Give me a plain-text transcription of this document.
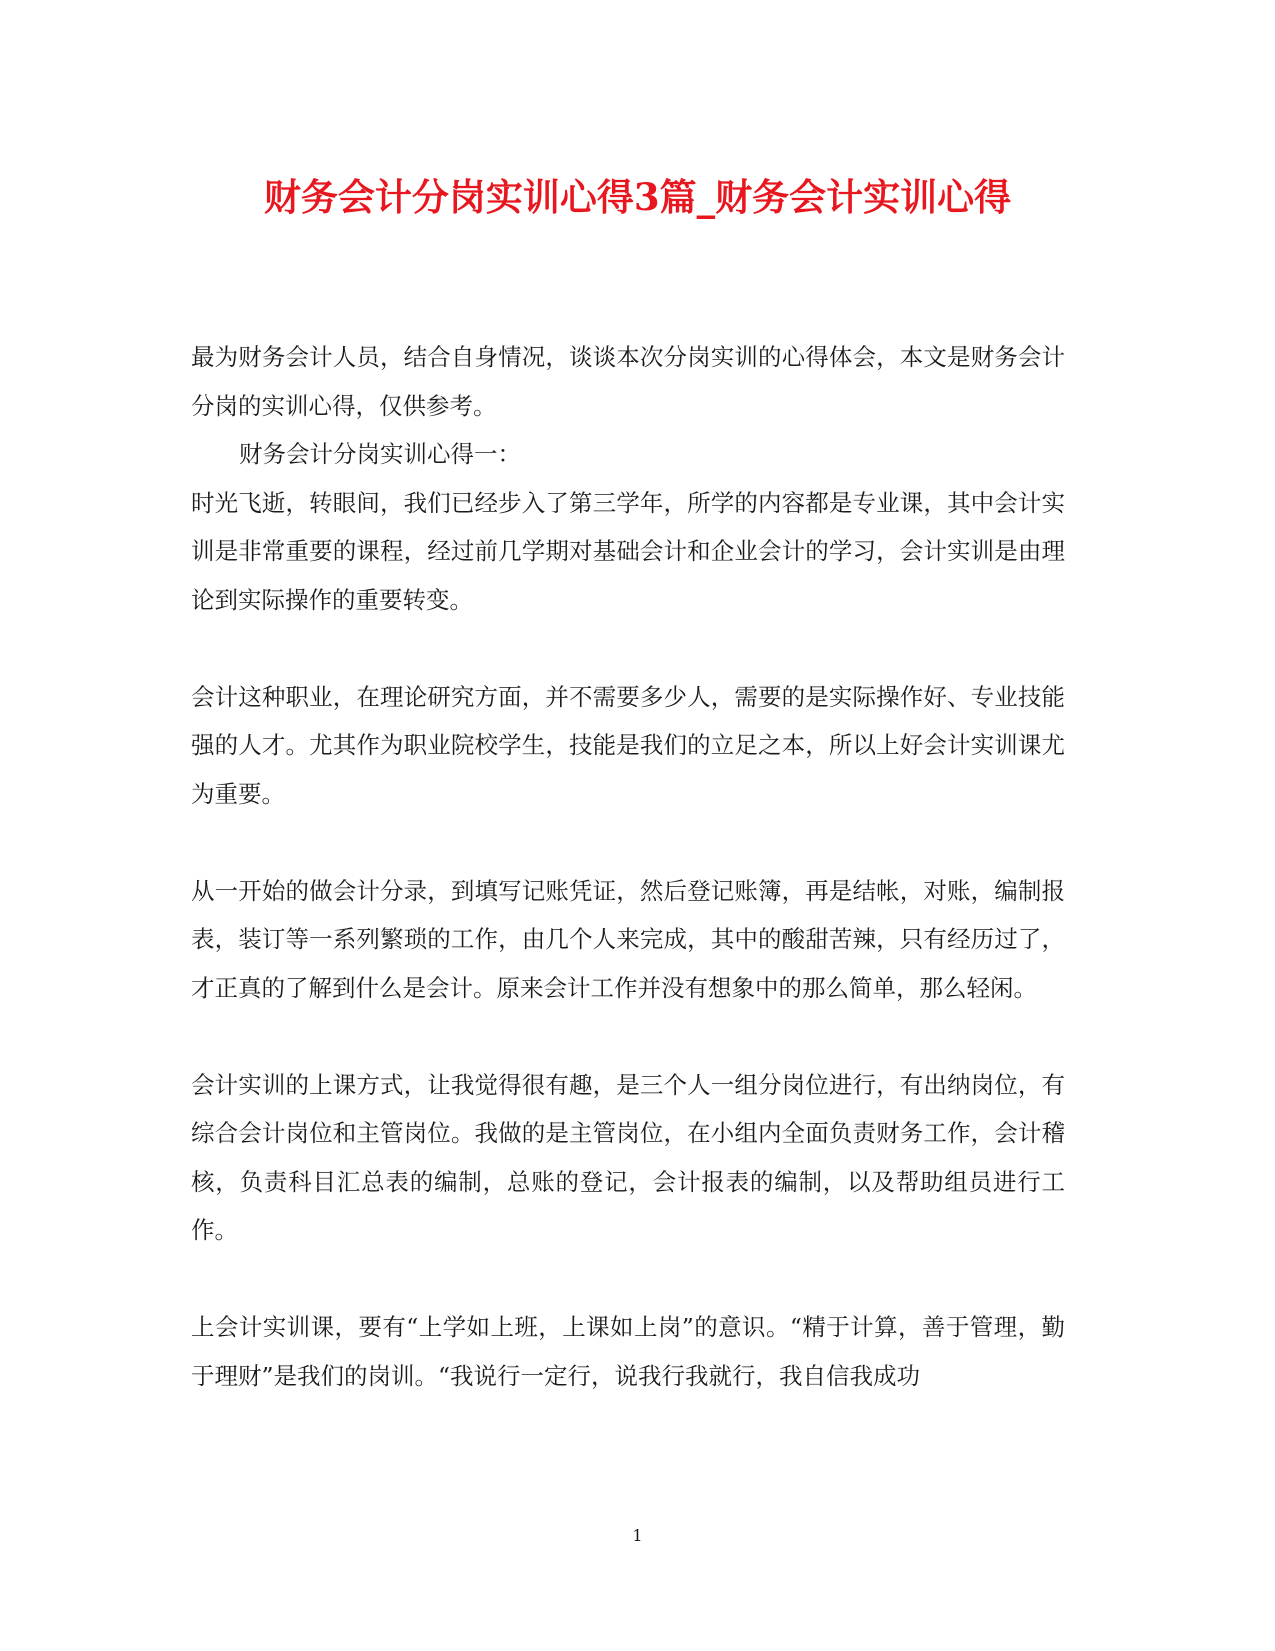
财务会计分岗实训心得3篇_财务会计实训心得

最为财务会计人员，结合自身情况，谈谈本次分岗实训的心得体会，本文是财务会计分岗的实训心得，仅供参考。

财务会计分岗实训心得一：

时光飞逝，转眼间，我们已经步入了第三学年，所学的内容都是专业课，其中会计实训是非常重要的课程，经过前几学期对基础会计和企业会计的学习，会计实训是由理论到实际操作的重要转变。

会计这种职业，在理论研究方面，并不需要多少人，需要的是实际操作好、专业技能强的人才。尤其作为职业院校学生，技能是我们的立足之本，所以上好会计实训课尤为重要。

从一开始的做会计分录，到填写记账凭证，然后登记账簿，再是结帐，对账，编制报表，装订等一系列繁琐的工作，由几个人来完成，其中的酸甜苦辣，只有经历过了，才正真的了解到什么是会计。原来会计工作并没有想象中的那么简单，那么轻闲。

会计实训的上课方式，让我觉得很有趣，是三个人一组分岗位进行，有出纳岗位，有综合会计岗位和主管岗位。我做的是主管岗位，在小组内全面负责财务工作，会计稽核，负责科目汇总表的编制，总账的登记，会计报表的编制，以及帮助组员进行工作。

上会计实训课，要有“上学如上班，上课如上岗”的意识。“精于计算，善于管理，勤于理财”是我们的岗训。“我说行一定行，说我行我就行，我自信我成功

1
